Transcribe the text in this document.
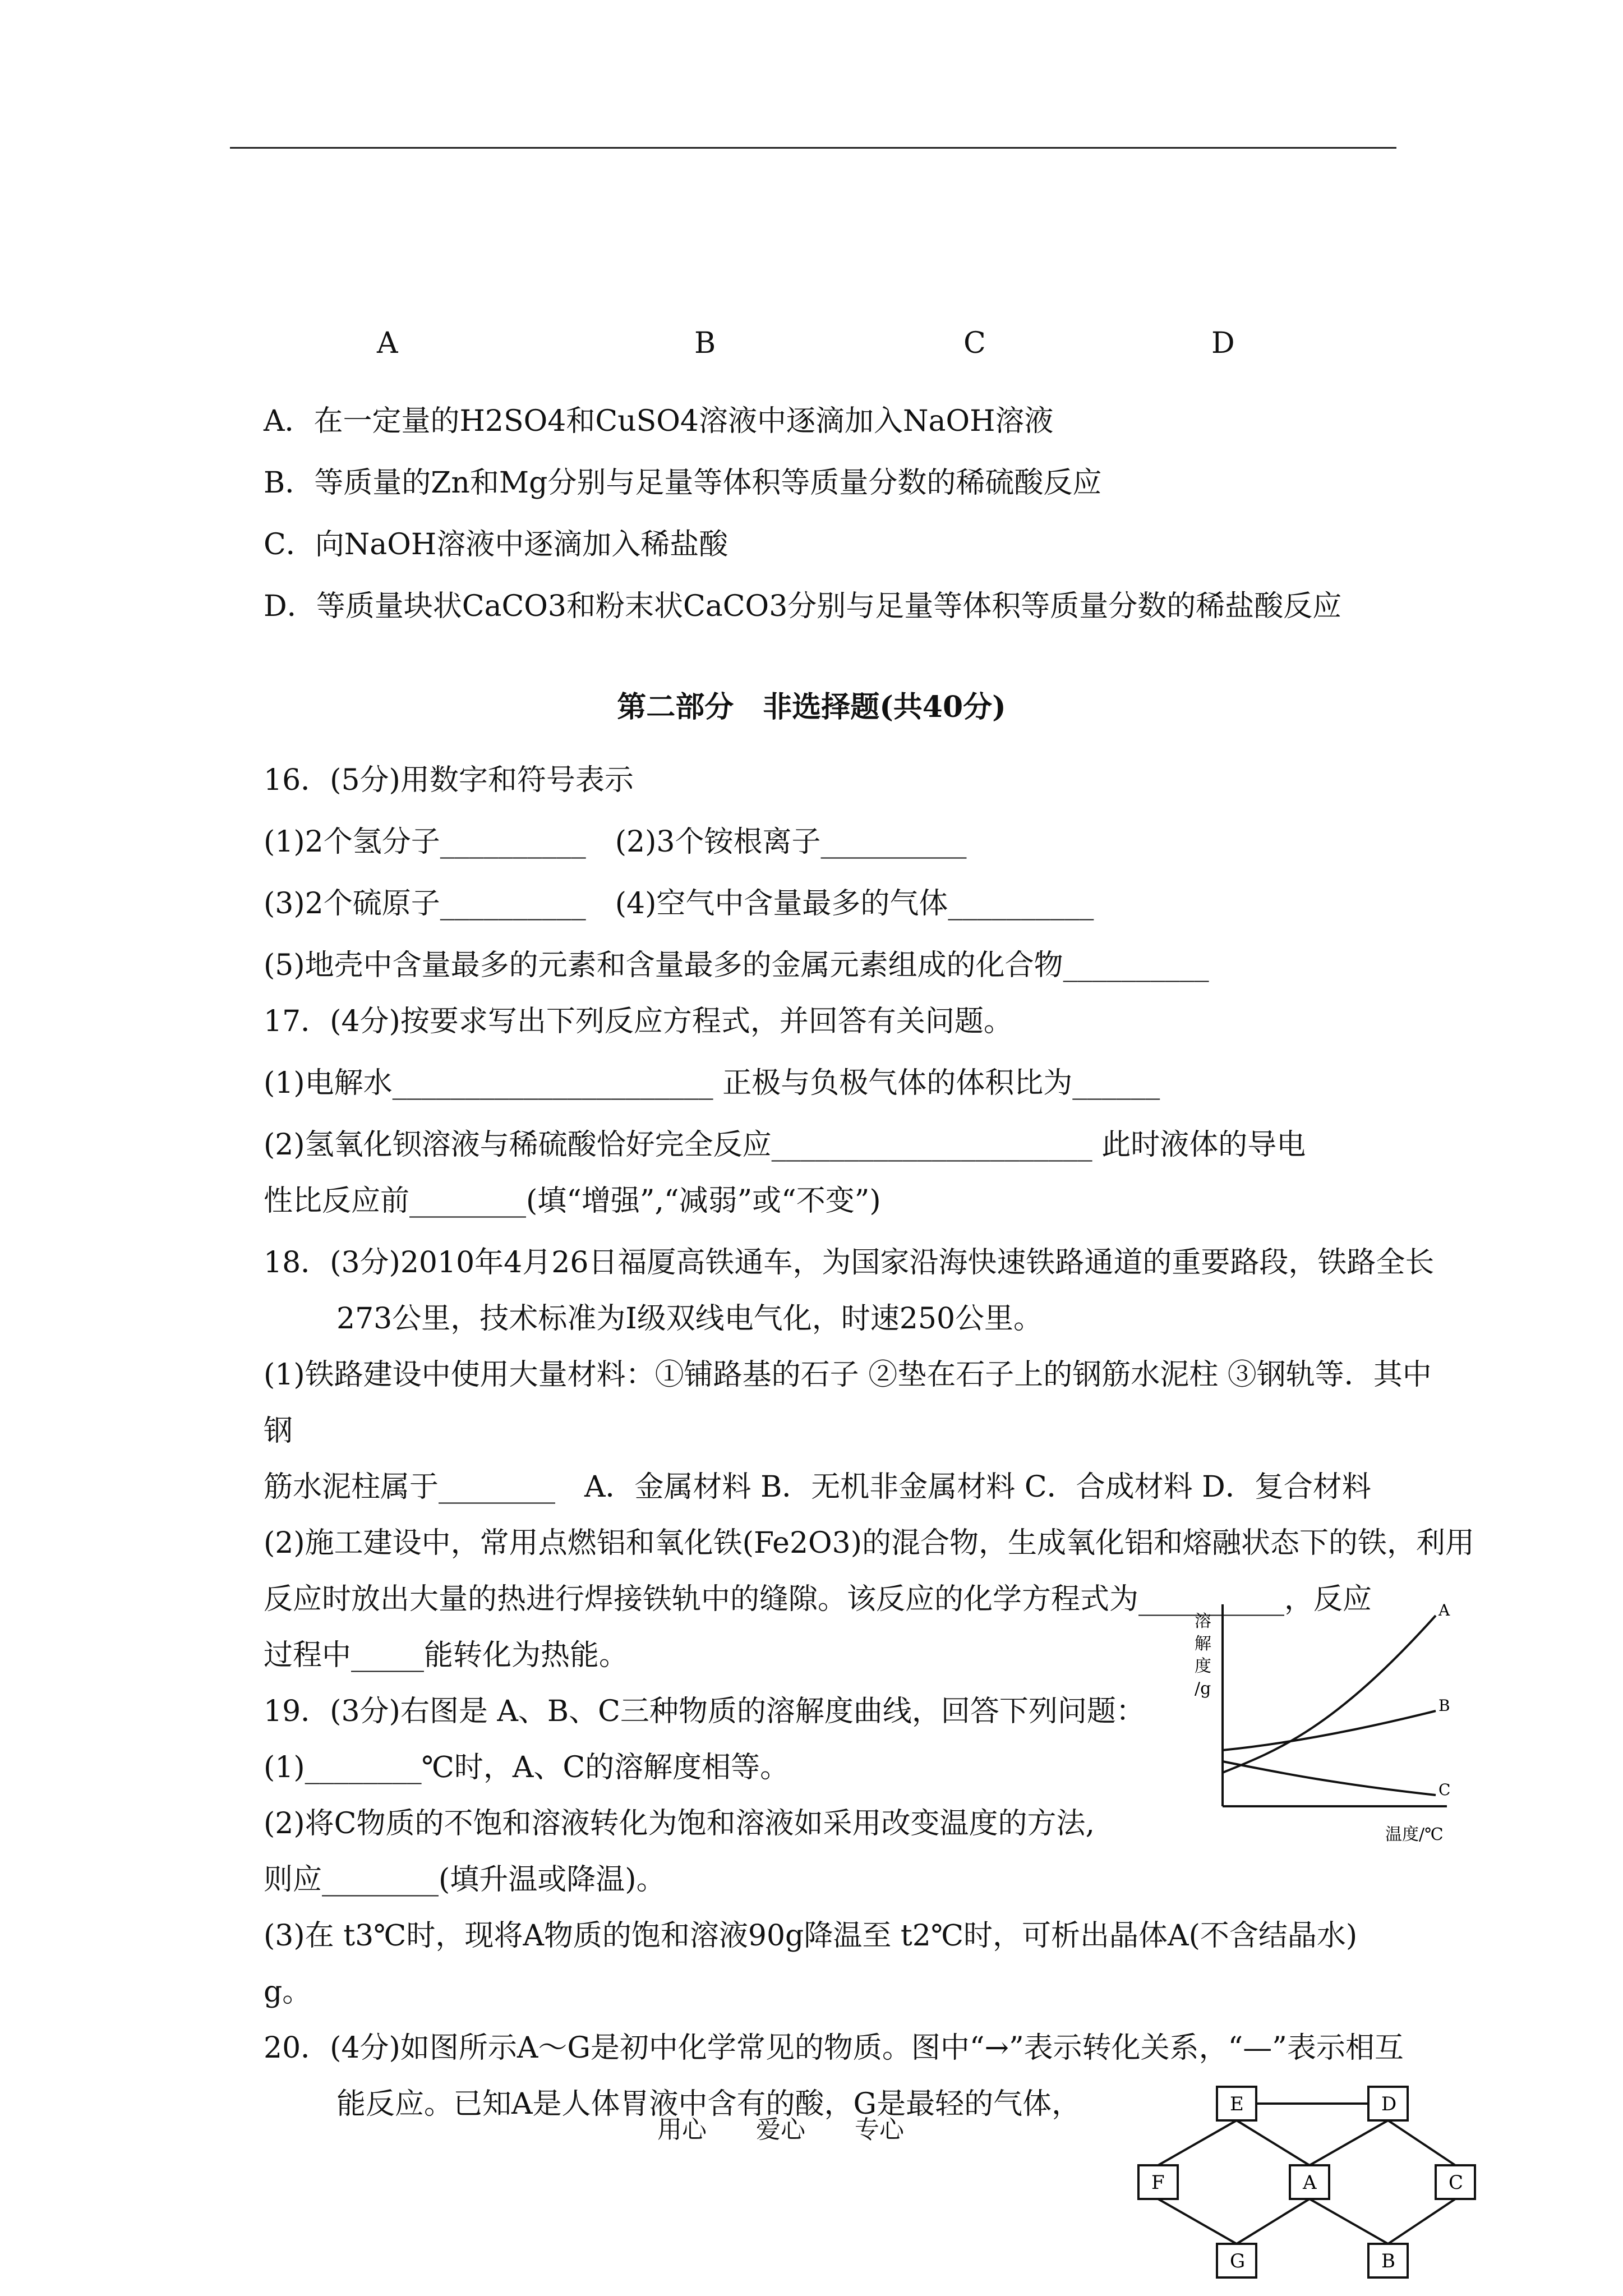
A	B	C	D
A．在一定量的H2SO4和CuSO4溶液中逐滴加入NaOH溶液
B．等质量的Zn和Mg分别与足量等体积等质量分数的稀硫酸反应
C．向NaOH溶液中逐滴加入稀盐酸
D．等质量块状CaCO3和粉末状CaCO3分别与足量等体积等质量分数的稀盐酸反应
第二部分　非选择题(共40分)
16．(5分)用数字和符号表示
(1)2个氢分子__________　(2)3个铵根离子__________
(3)2个硫原子__________　(4)空气中含量最多的气体__________
(5)地壳中含量最多的元素和含量最多的金属元素组成的化合物__________
17．(4分)按要求写出下列反应方程式，并回答有关问题。
(1)电解水______________________ 正极与负极气体的体积比为______
(2)氢氧化钡溶液与稀硫酸恰好完全反应______________________ 此时液体的导电
性比反应前________(填“增强”,“减弱”或“不变”)
18．(3分)2010年4月26日福厦高铁通车，为国家沿海快速铁路通道的重要路段，铁路全长
273公里，技术标准为Ⅰ级双线电气化，时速250公里。
(1)铁路建设中使用大量材料：①铺路基的石子 ②垫在石子上的钢筋水泥柱 ③钢轨等．其中
钢
筋水泥柱属于________　A．金属材料 B．无机非金属材料 C．合成材料 D．复合材料
(2)施工建设中，常用点燃铝和氧化铁(Fe2O3)的混合物，生成氧化铝和熔融状态下的铁，利用
反应时放出大量的热进行焊接铁轨中的缝隙。该反应的化学方程式为__________，反应
过程中_____能转化为热能。
19．(3分)右图是 A、B、C三种物质的溶解度曲线，回答下列问题：
(1)________℃时，A、C的溶解度相等。
(2)将C物质的不饱和溶液转化为饱和溶液如采用改变温度的方法,
则应________(填升温或降温)。
(3)在 t3℃时，现将A物质的饱和溶液90g降温至 t2℃时，可析出晶体A(不含结晶水)
g。
20．(4分)如图所示A～G是初中化学常见的物质。图中“→”表示转化关系，“—”表示相互
能反应。已知A是人体胃液中含有的酸，G是最轻的气体，
用心　　爱心　　专心
溶
解
度
/g
温度/℃
A
B
C
E	D
F	A	C
G	B
